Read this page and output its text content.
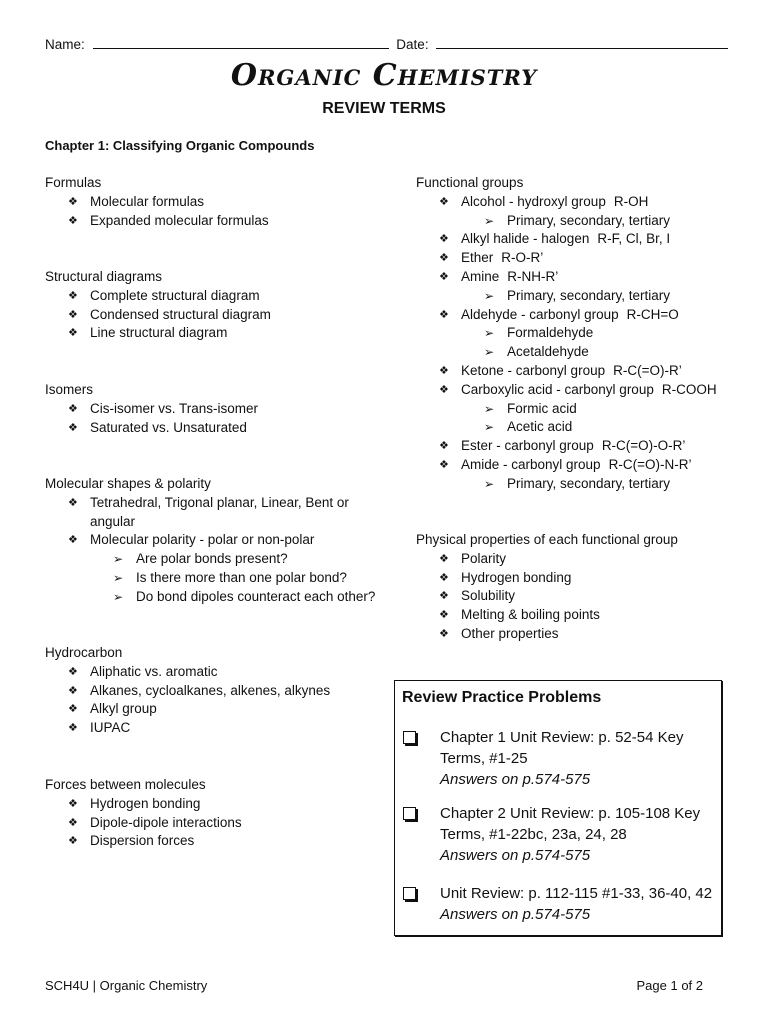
Name:	Date:
Organic Chemistry
REVIEW TERMS
Chapter 1: Classifying Organic Compounds
Formulas
❖ Molecular formulas
❖ Expanded molecular formulas
Structural diagrams
❖ Complete structural diagram
❖ Condensed structural diagram
❖ Line structural diagram
Isomers
❖ Cis-isomer vs. Trans-isomer
❖ Saturated vs. Unsaturated
Molecular shapes & polarity
❖ Tetrahedral, Trigonal planar, Linear, Bent or
angular
❖ Molecular polarity - polar or non-polar
➢ Are polar bonds present?
➢ Is there more than one polar bond?
➢ Do bond dipoles counteract each other?
Hydrocarbon
❖ Aliphatic vs. aromatic
❖ Alkanes, cycloalkanes, alkenes, alkynes
❖ Alkyl group
❖ IUPAC
Forces between molecules
❖ Hydrogen bonding
❖ Dipole-dipole interactions
❖ Dispersion forces
Functional groups
❖ Alcohol - hydroxyl group R-OH
➢ Primary, secondary, tertiary
❖ Alkyl halide - halogen R-F, Cl, Br, I
❖ Ether R-O-R’
❖ Amine R-NH-R’
➢ Primary, secondary, tertiary
❖ Aldehyde - carbonyl group R-CH=O
➢ Formaldehyde
➢ Acetaldehyde
❖ Ketone - carbonyl group R-C(=O)-R’
❖ Carboxylic acid - carbonyl group R-COOH
➢ Formic acid
➢ Acetic acid
❖ Ester - carbonyl group R-C(=O)-O-R’
❖ Amide - carbonyl group R-C(=O)-N-R’
➢ Primary, secondary, tertiary
Physical properties of each functional group
❖ Polarity
❖ Hydrogen bonding
❖ Solubility
❖ Melting & boiling points
❖ Other properties
Review Practice Problems
Chapter 1 Unit Review: p. 52-54 Key Terms, #1-25
Answers on p.574-575
Chapter 2 Unit Review: p. 105-108 Key Terms, #1-22bc, 23a, 24, 28
Answers on p.574-575
Unit Review: p. 112-115 #1-33, 36-40, 42
Answers on p.574-575
SCH4U | Organic Chemistry	Page 1 of 2
